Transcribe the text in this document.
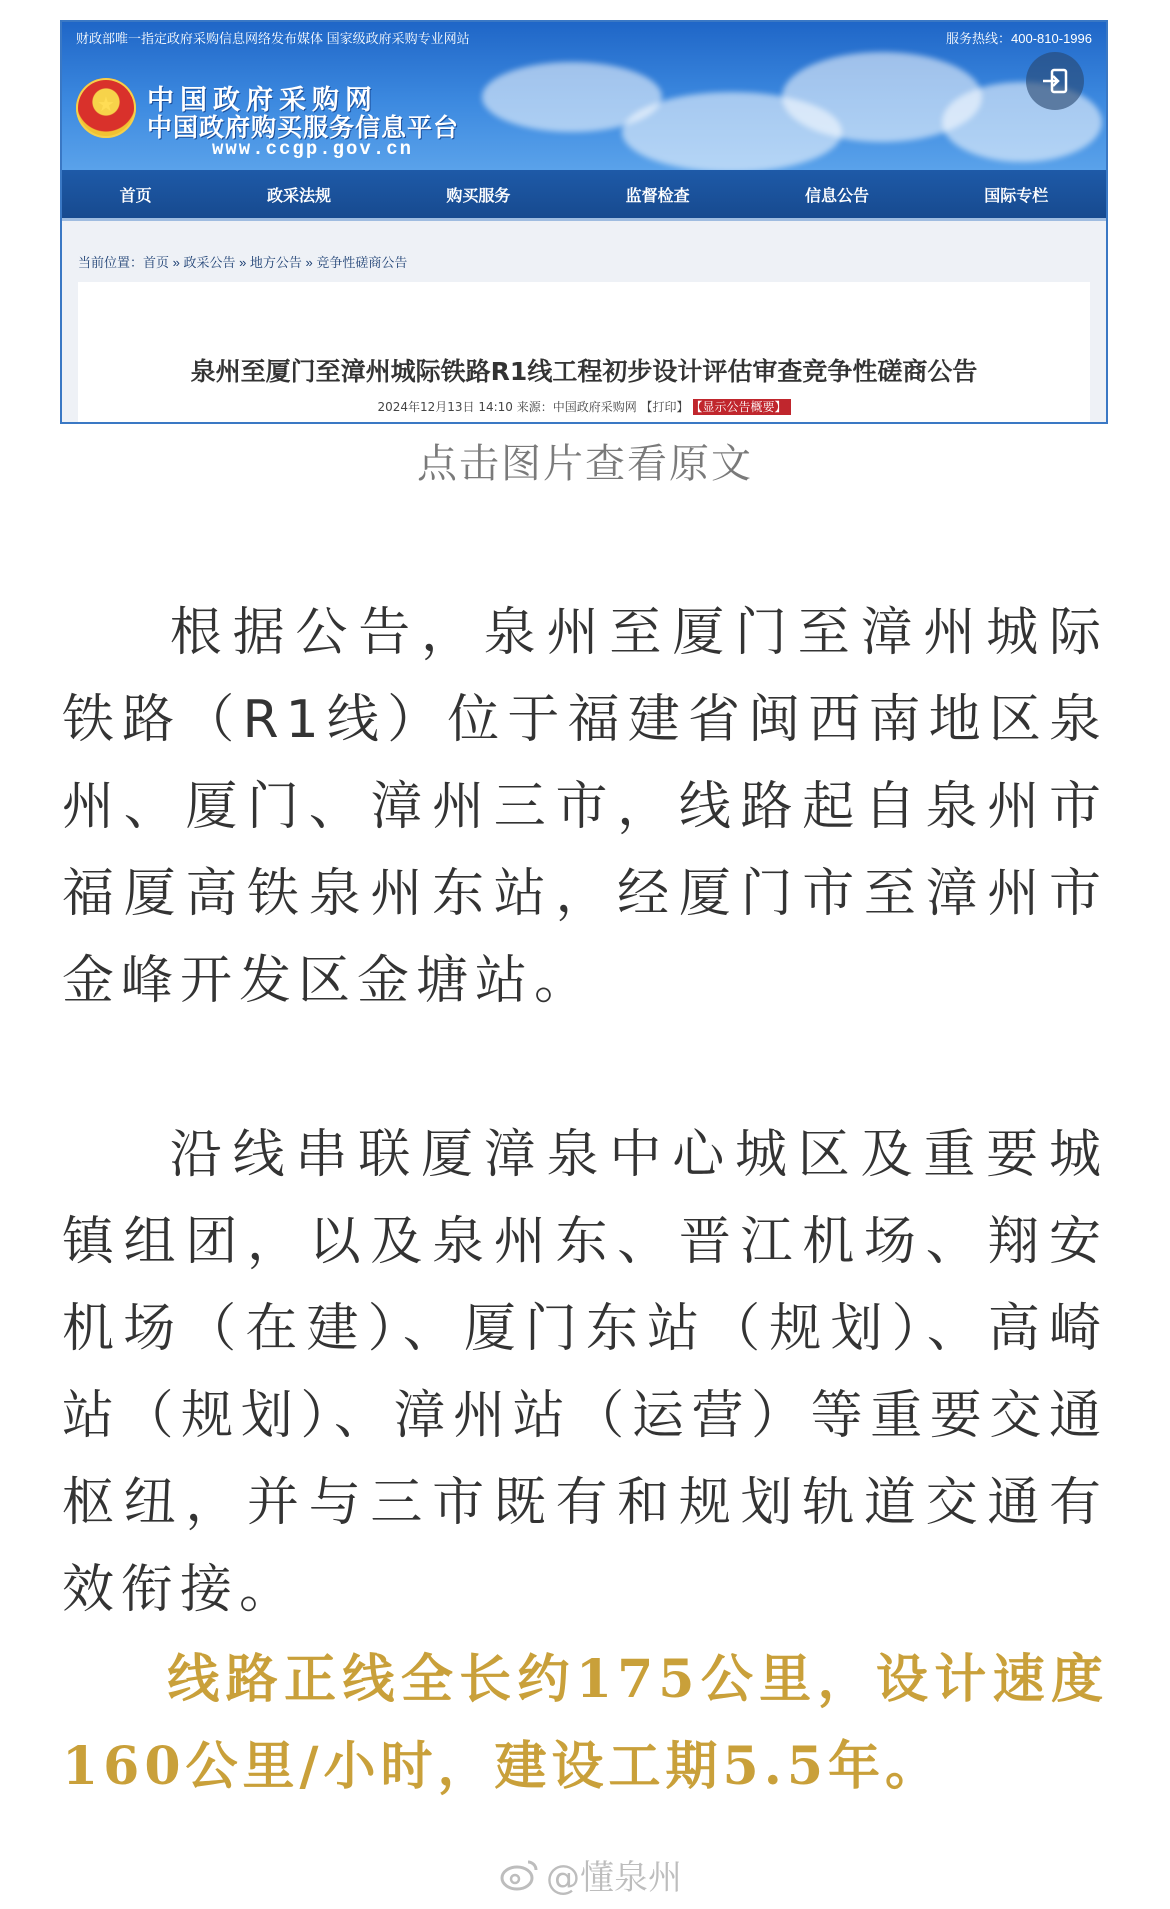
财政部唯一指定政府采购信息网络发布媒体 国家级政府采购专业网站	服务热线：400-810-1996
★ 中国政府采购网
中国政府购买服务信息平台
www.ccgp.gov.cn
首页	政采法规	购买服务	监督检查	信息公告	国际专栏
当前位置：首页 » 政采公告 » 地方公告 » 竞争性磋商公告
泉州至厦门至漳州城际铁路R1线工程初步设计评估审查竞争性磋商公告
2024年12月13日 14:10 来源：中国政府采购网 【打印】 【显示公告概要】
点击图片查看原文
根据公告，泉州至厦门至漳州城际铁路（R1线）位于福建省闽西南地区泉州、厦门、漳州三市，线路起自泉州市福厦高铁泉州东站，经厦门市至漳州市金峰开发区金塘站。
沿线串联厦漳泉中心城区及重要城镇组团，以及泉州东、晋江机场、翔安机场（在建）、厦门东站（规划）、高崎站（规划）、漳州站（运营）等重要交通枢纽，并与三市既有和规划轨道交通有效衔接。
线路正线全长约175公里，设计速度160公里/小时，建设工期5.5年。
@懂泉州
